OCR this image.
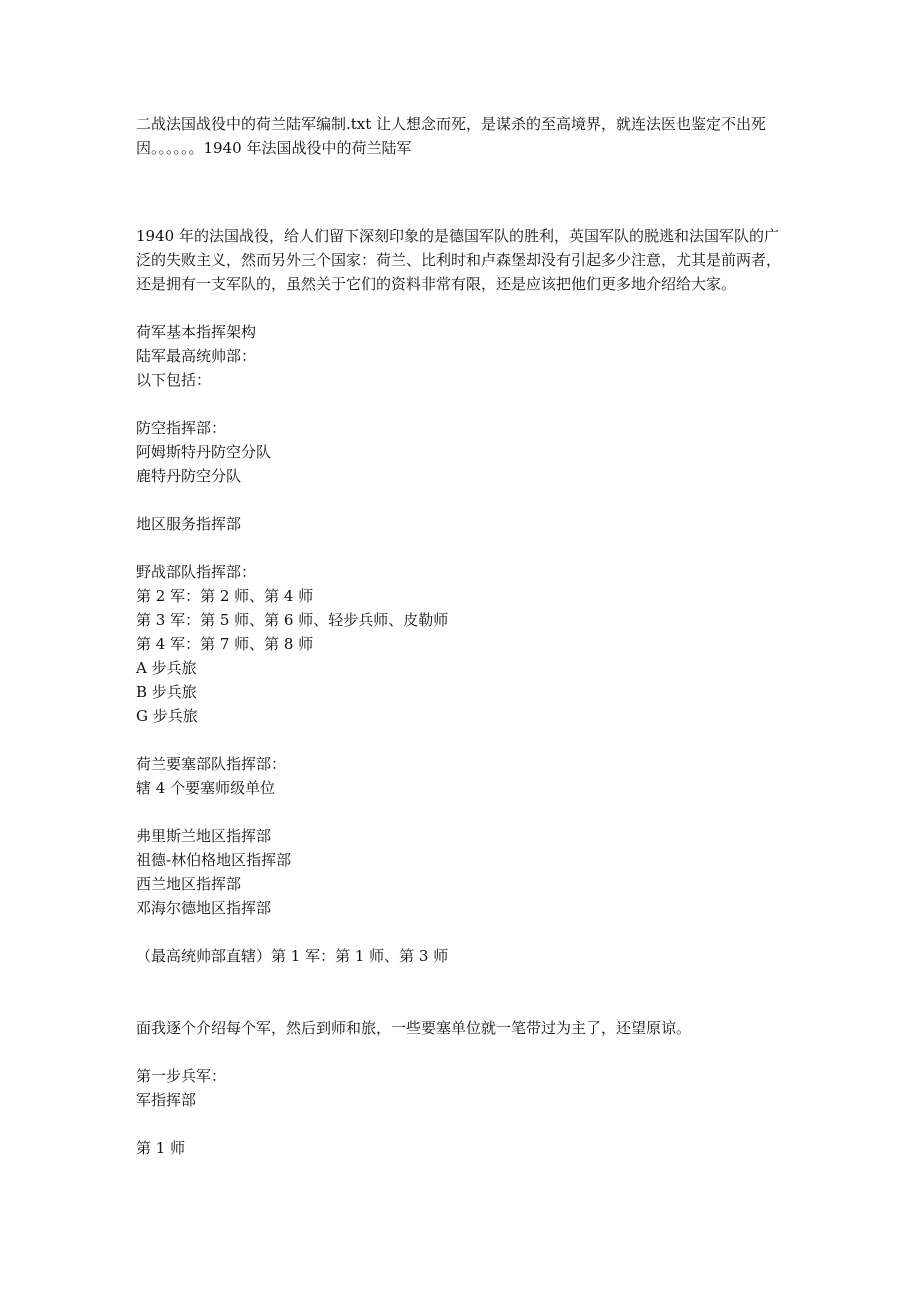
二战法国战役中的荷兰陆军编制.txt 让人想念而死，是谋杀的至高境界，就连法医也鉴定不出死因。。。。。。1940 年法国战役中的荷兰陆军

1940 年的法国战役，给人们留下深刻印象的是德国军队的胜利，英国军队的脱逃和法国军队的广泛的失败主义，然而另外三个国家：荷兰、比利时和卢森堡却没有引起多少注意，尤其是前两者，还是拥有一支军队的，虽然关于它们的资料非常有限，还是应该把他们更多地介绍给大家。

荷军基本指挥架构
陆军最高统帅部：
以下包括：
防空指挥部：
阿姆斯特丹防空分队
鹿特丹防空分队
地区服务指挥部
野战部队指挥部：
第 2 军：第 2 师、第 4 师
第 3 军：第 5 师、第 6 师、轻步兵师、皮勒师
第 4 军：第 7 师、第 8 师
A 步兵旅
B 步兵旅
G 步兵旅
荷兰要塞部队指挥部：
辖 4 个要塞师级单位
弗里斯兰地区指挥部
祖德-林伯格地区指挥部
西兰地区指挥部
邓海尔德地区指挥部
（最高统帅部直辖）第 1 军：第 1 师、第 3 师
面我逐个介绍每个军，然后到师和旅，一些要塞单位就一笔带过为主了，还望原谅。
第一步兵军：
军指挥部
第 1 师
